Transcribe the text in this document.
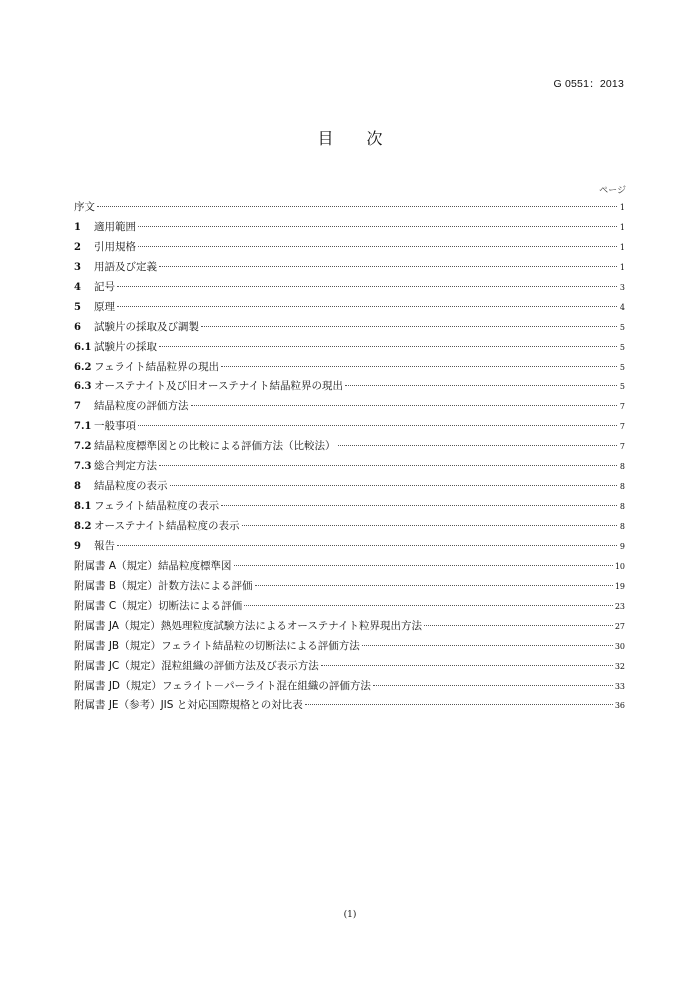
G 0551：2013
目 次
ページ
序文	1
1 適用範囲	1
2 引用規格	1
3 用語及び定義	1
4 記号	3
5 原理	4
6 試験片の採取及び調製	5
6.1 試験片の採取	5
6.2 フェライト結晶粒界の現出	5
6.3 オーステナイト及び旧オーステナイト結晶粒界の現出	5
7 結晶粒度の評価方法	7
7.1 一般事項	7
7.2 結晶粒度標準図との比較による評価方法（比較法）	7
7.3 総合判定方法	8
8 結晶粒度の表示	8
8.1 フェライト結晶粒度の表示	8
8.2 オーステナイト結晶粒度の表示	8
9 報告	9
附属書 A（規定）結晶粒度標準図	10
附属書 B（規定）計数方法による評価	19
附属書 C（規定）切断法による評価	23
附属書 JA（規定）熱処理粒度試験方法によるオーステナイト粒界現出方法	27
附属書 JB（規定）フェライト結晶粒の切断法による評価方法	30
附属書 JC（規定）混粒組織の評価方法及び表示方法	32
附属書 JD（規定）フェライト－パーライト混在組織の評価方法	33
附属書 JE（参考）JIS と対応国際規格との対比表	36
(1)
